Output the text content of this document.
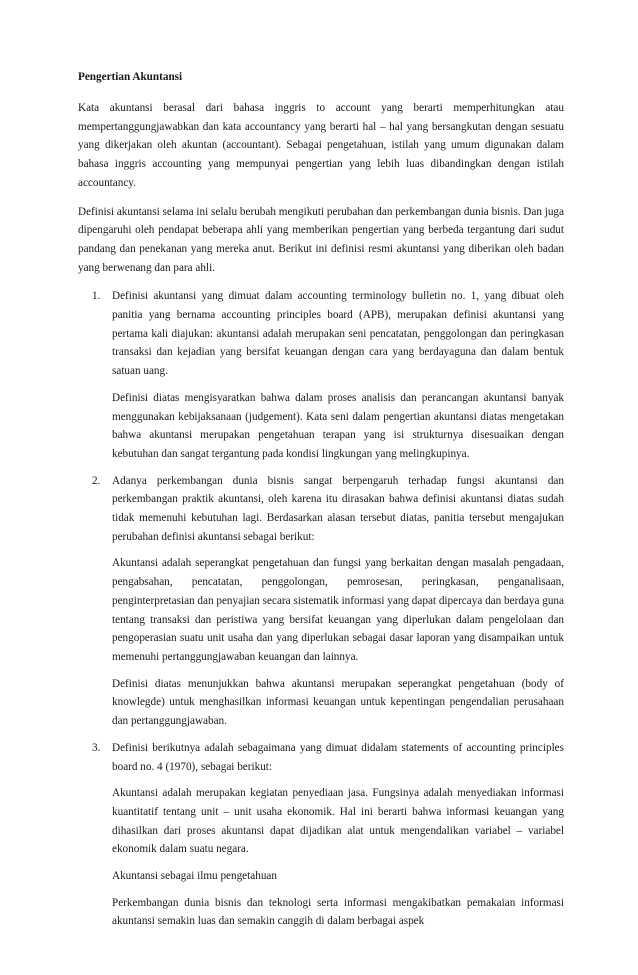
Pengertian Akuntansi

Kata akuntansi berasal dari bahasa inggris to account yang berarti memperhitungkan atau mempertanggungjawabkan dan kata accountancy yang berarti hal – hal yang bersangkutan dengan sesuatu yang dikerjakan oleh akuntan (accountant). Sebagai pengetahuan, istilah yang umum digunakan dalam bahasa inggris accounting yang mempunyai pengertian yang lebih luas dibandingkan dengan istilah accountancy.

Definisi akuntansi selama ini selalu berubah mengikuti perubahan dan perkembangan dunia bisnis. Dan juga dipengaruhi oleh pendapat beberapa ahli yang memberikan pengertian yang berbeda tergantung dari sudut pandang dan penekanan yang mereka anut. Berikut ini definisi resmi akuntansi yang diberikan oleh badan yang berwenang dan para ahli.

1. Definisi akuntansi yang dimuat dalam accounting terminology bulletin no. 1, yang dibuat oleh panitia yang bernama accounting principles board (APB), merupakan definisi akuntansi yang pertama kali diajukan: akuntansi adalah merupakan seni pencatatan, penggolongan dan peringkasan transaksi dan kejadian yang bersifat keuangan dengan cara yang berdayaguna dan dalam bentuk satuan uang.

Definisi diatas mengisyaratkan bahwa dalam proses analisis dan perancangan akuntansi banyak menggunakan kebijaksanaan (judgement). Kata seni dalam pengertian akuntansi diatas mengetakan bahwa akuntansi merupakan pengetahuan terapan yang isi strukturnya disesuaikan dengan kebutuhan dan sangat tergantung pada kondisi lingkungan yang melingkupinya.

2. Adanya perkembangan dunia bisnis sangat berpengaruh terhadap fungsi akuntansi dan perkembangan praktik akuntansi, oleh karena itu dirasakan bahwa definisi akuntansi diatas sudah tidak memenuhi kebutuhan lagi. Berdasarkan alasan tersebut diatas, panitia tersebut mengajukan perubahan definisi akuntansi sebagai berikut:

Akuntansi adalah seperangkat pengetahuan dan fungsi yang berkaitan dengan masalah pengadaan, pengabsahan, pencatatan, penggolongan, pemrosesan, peringkasan, penganalisaan, penginterpretasian dan penyajian secara sistematik informasi yang dapat dipercaya dan berdaya guna tentang transaksi dan peristiwa yang bersifat keuangan yang diperlukan dalam pengelolaan dan pengoperasian suatu unit usaha dan yang diperlukan sebagai dasar laporan yang disampaikan untuk memenuhi pertanggungjawaban keuangan dan lainnya.

Definisi diatas menunjukkan bahwa akuntansi merupakan seperangkat pengetahuan (body of knowlegde) untuk menghasilkan informasi keuangan untuk kepentingan pengendalian perusahaan dan pertanggungjawaban.

3. Definisi berikutnya adalah sebagaimana yang dimuat didalam statements of accounting principles board no. 4 (1970), sebagai berikut:

Akuntansi adalah merupakan kegiatan penyediaan jasa. Fungsinya adalah menyediakan informasi kuantitatif tentang unit – unit usaha ekonomik. Hal ini berarti bahwa informasi keuangan yang dihasilkan dari proses akuntansi dapat dijadikan alat untuk mengendalikan variabel – variabel ekonomik dalam suatu negara.

Akuntansi sebagai ilmu pengetahuan

Perkembangan dunia bisnis dan teknologi serta informasi mengakibatkan pemakaian informasi akuntansi semakin luas dan semakin canggih di dalam berbagai aspek
